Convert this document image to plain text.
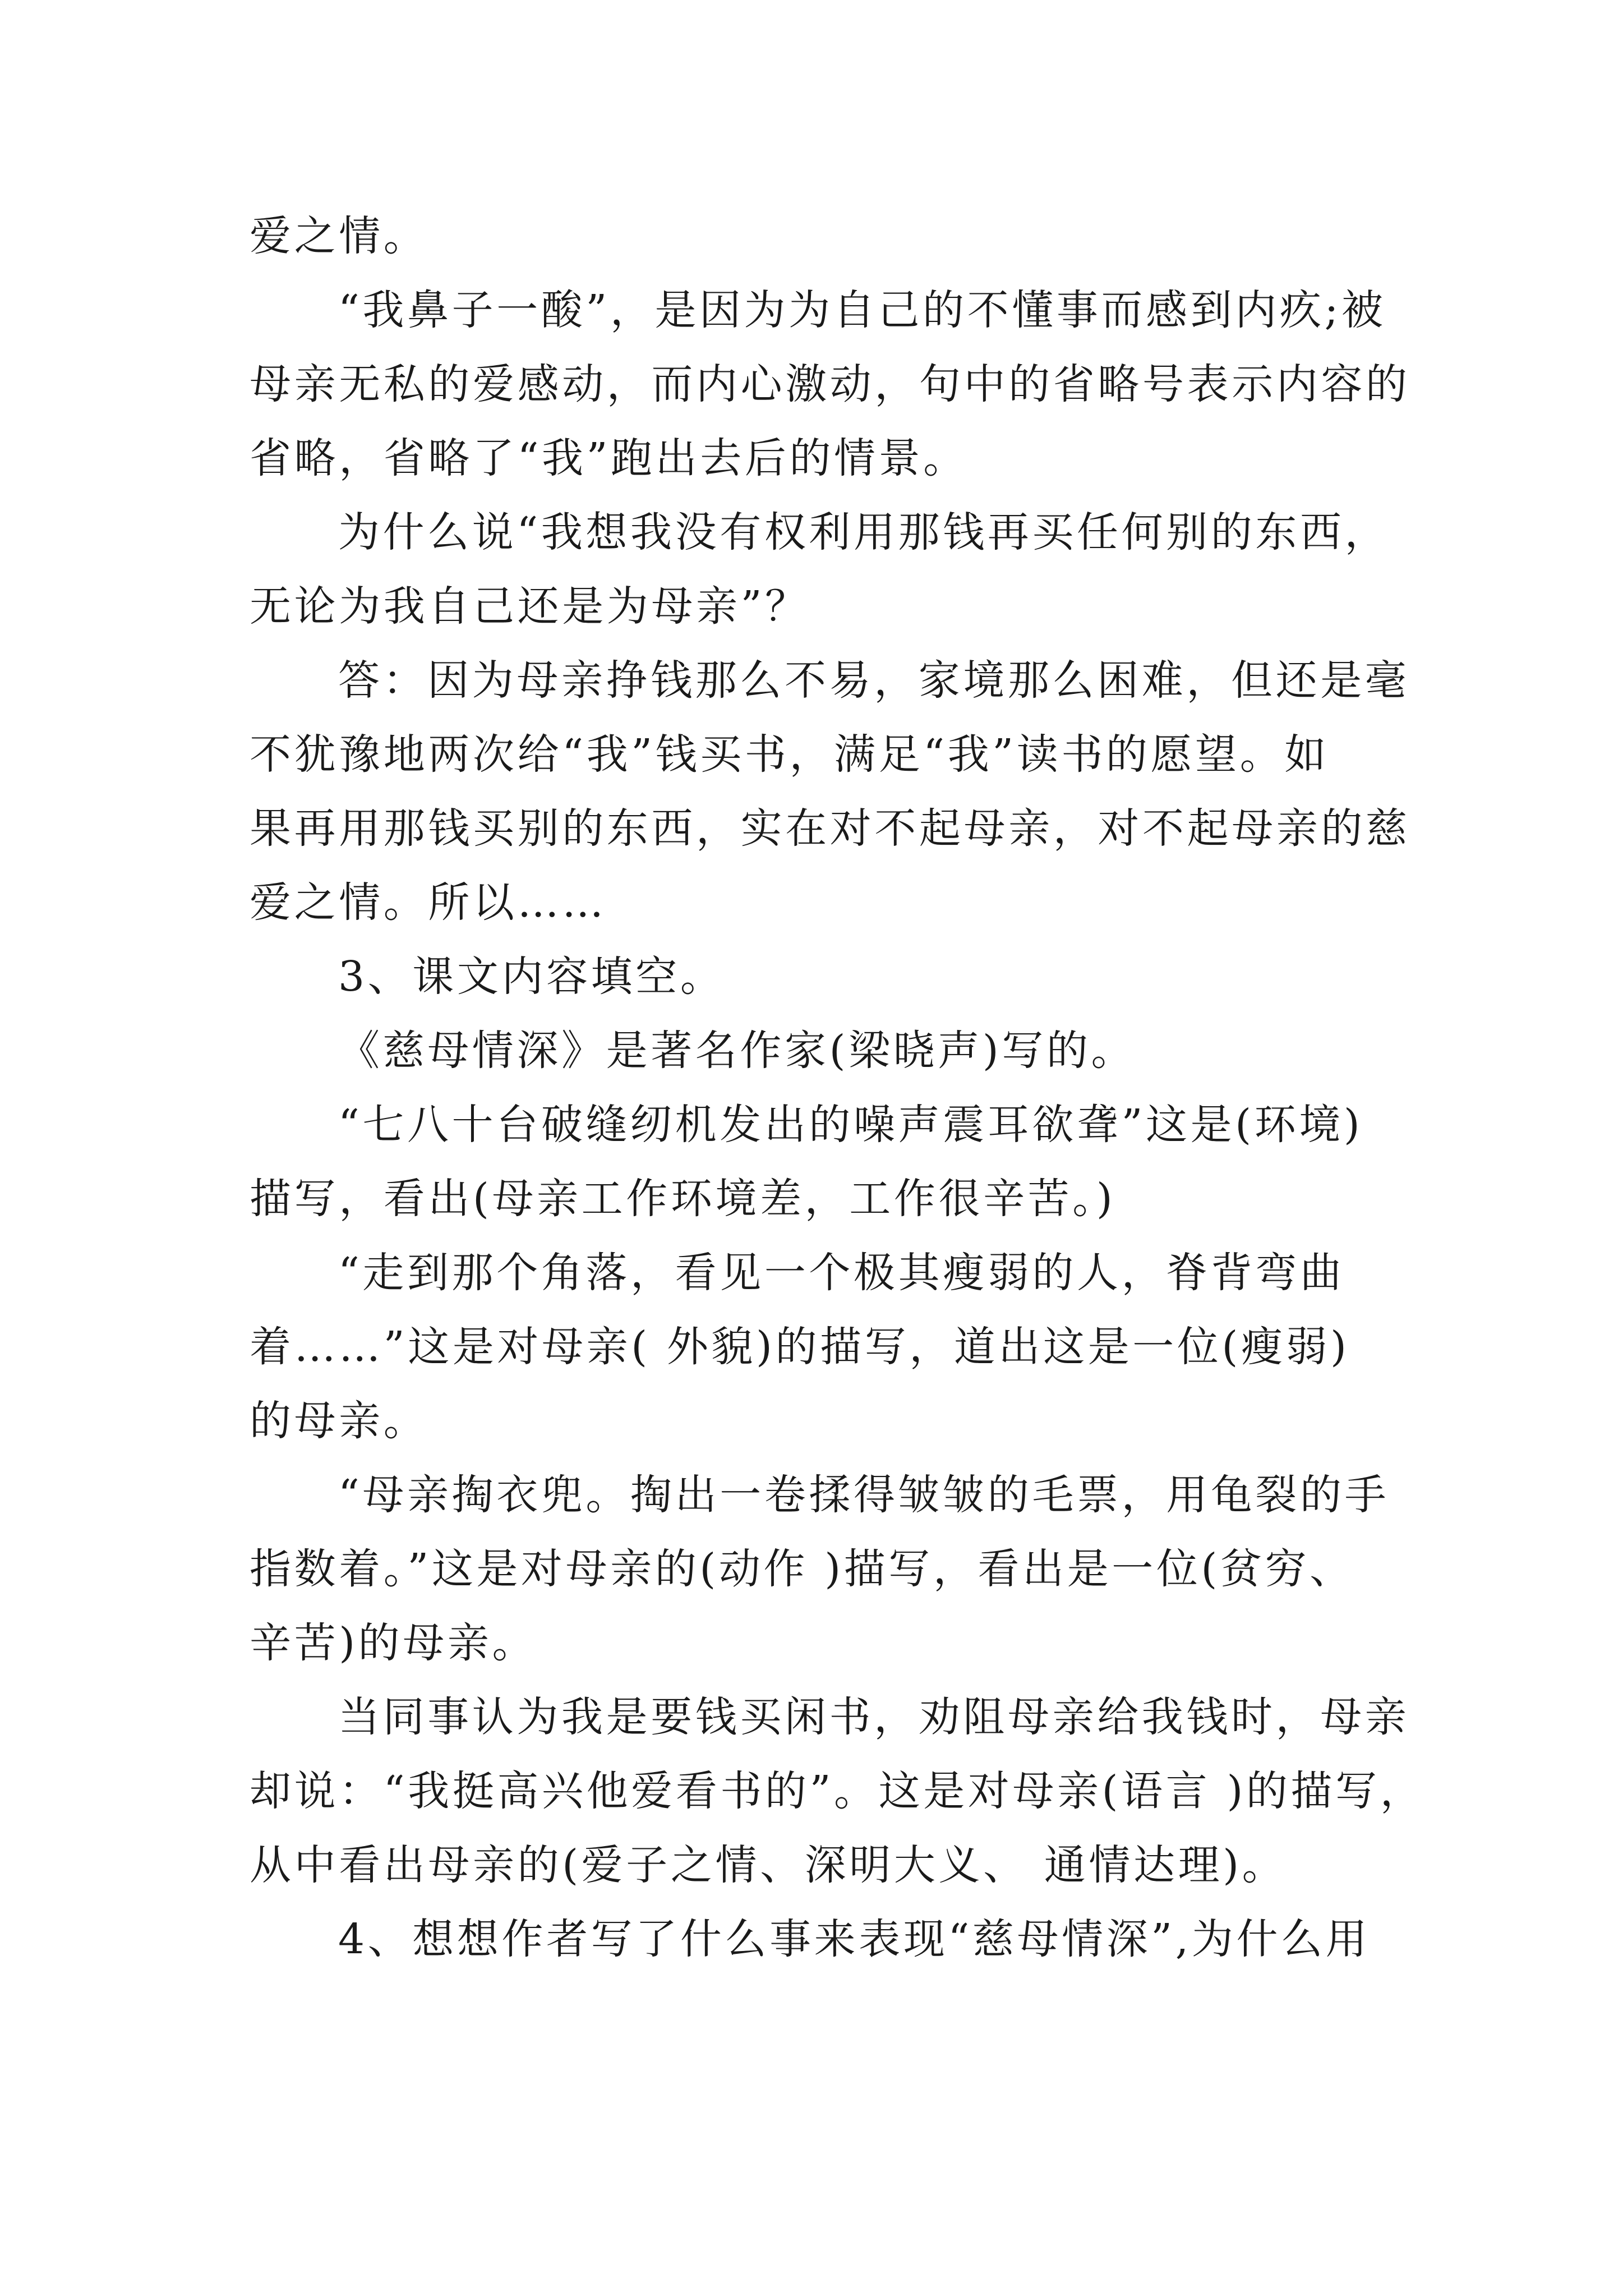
爱之情。
“我鼻子一酸”，是因为为自己的不懂事而感到内疚;被
母亲无私的爱感动，而内心激动，句中的省略号表示内容的
省略，省略了“我”跑出去后的情景。
为什么说“我想我没有权利用那钱再买任何别的东西，
无论为我自己还是为母亲”？
答：因为母亲挣钱那么不易，家境那么困难，但还是毫
不犹豫地两次给“我”钱买书，满足“我”读书的愿望。如
果再用那钱买别的东西，实在对不起母亲，对不起母亲的慈
爱之情。所以……
3、课文内容填空。
《慈母情深》是著名作家(梁晓声)写的。
“七八十台破缝纫机发出的噪声震耳欲聋”这是(环境)
描写，看出(母亲工作环境差，工作很辛苦。)
“走到那个角落，看见一个极其瘦弱的人，脊背弯曲
着……”这是对母亲( 外貌)的描写，道出这是一位(瘦弱)
的母亲。
“母亲掏衣兜。掏出一卷揉得皱皱的毛票，用龟裂的手
指数着。”这是对母亲的(动作 )描写，看出是一位(贫穷、
辛苦)的母亲。
当同事认为我是要钱买闲书，劝阻母亲给我钱时，母亲
却说：“我挺高兴他爱看书的”。这是对母亲(语言 )的描写，
从中看出母亲的(爱子之情、深明大义、 通情达理)。
4、想想作者写了什么事来表现“慈母情深”,为什么用
